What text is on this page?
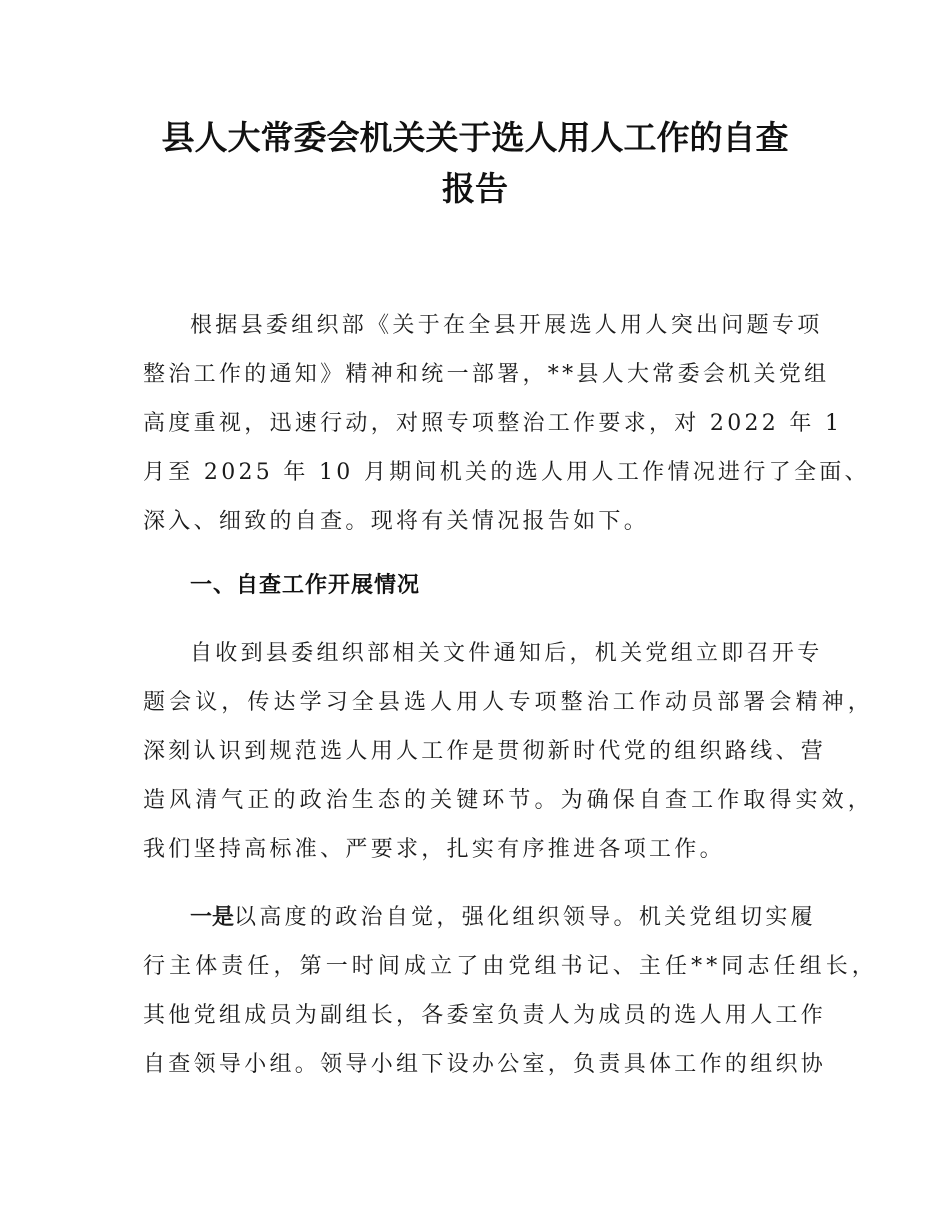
县人大常委会机关关于选人用人工作的自查
报告
根据县委组织部《关于在全县开展选人用人突出问题专项
整治工作的通知》精神和统一部署，**县人大常委会机关党组
高度重视，迅速行动，对照专项整治工作要求，对 2022 年 1
月至 2025 年 10 月期间机关的选人用人工作情况进行了全面、
深入、细致的自查。现将有关情况报告如下。
一、自查工作开展情况
自收到县委组织部相关文件通知后，机关党组立即召开专
题会议，传达学习全县选人用人专项整治工作动员部署会精神，
深刻认识到规范选人用人工作是贯彻新时代党的组织路线、营
造风清气正的政治生态的关键环节。为确保自查工作取得实效，
我们坚持高标准、严要求，扎实有序推进各项工作。
一是以高度的政治自觉，强化组织领导。机关党组切实履
行主体责任，第一时间成立了由党组书记、主任**同志任组长，
其他党组成员为副组长，各委室负责人为成员的选人用人工作
自查领导小组。领导小组下设办公室，负责具体工作的组织协
